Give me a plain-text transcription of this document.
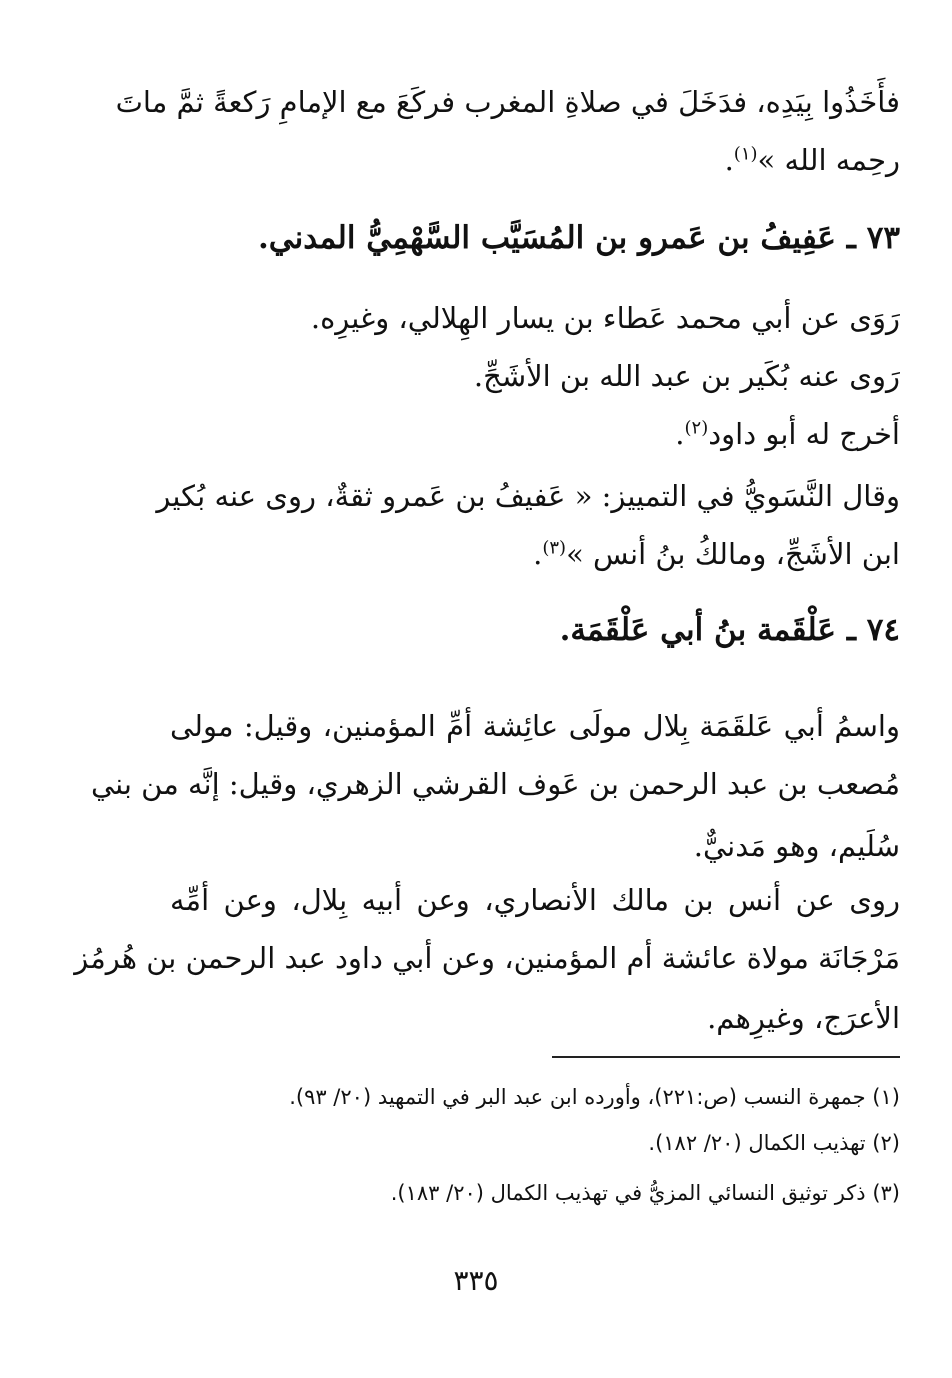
فأَخَذُوا بِيَدِه، فدَخَلَ في صلاةِ المغرب فركَعَ مع الإمامِ رَكعةً ثمَّ ماتَ
رحِمه الله »$^{(١)}$.
٧٣ ـ عَفِيفُ بن عَمرو بن المُسَيَّب السَّهْمِيُّ المدني.
رَوَى عن أبي محمد عَطاء بن يسار الهِلالي، وغيرِه.
رَوى عنه بُكَير بن عبد الله بن الأشَجِّ.
أخرج له أبو داود$^{(٢)}$.
وقال النَّسَويُّ في التمييز: « عَفيفُ بن عَمرو ثقةٌ، روى عنه بُكير
ابن الأشَجِّ، ومالكُ بنُ أنس »$^{(٣)}$.
٧٤ ـ عَلْقَمة بنُ أبي عَلْقَمَة.
واسمُ أبي عَلقَمَة بِلال مولَى عائِشة أمِّ المؤمنين، وقيل: مولى
مُصعب بن عبد الرحمن بن عَوف القرشي الزهري، وقيل: إنَّه من بني
سُلَيم، وهو مَدنيٌّ.
روى عن أنس بن مالك الأنصاري، وعن أبيه بِلال، وعن أمِّه
مَرْجَانَة مولاة عائشة أم المؤمنين، وعن أبي داود عبد الرحمن بن هُرمُز
الأعرَج، وغيرِهم.
(١) جمهرة النسب (ص:٢٢١)، وأورده ابن عبد البر في التمهيد (٢٠/ ٩٣).
(٢) تهذيب الكمال (٢٠/ ١٨٢).
(٣) ذكر توثيق النسائي المزيُّ في تهذيب الكمال (٢٠/ ١٨٣).
٣٣٥
